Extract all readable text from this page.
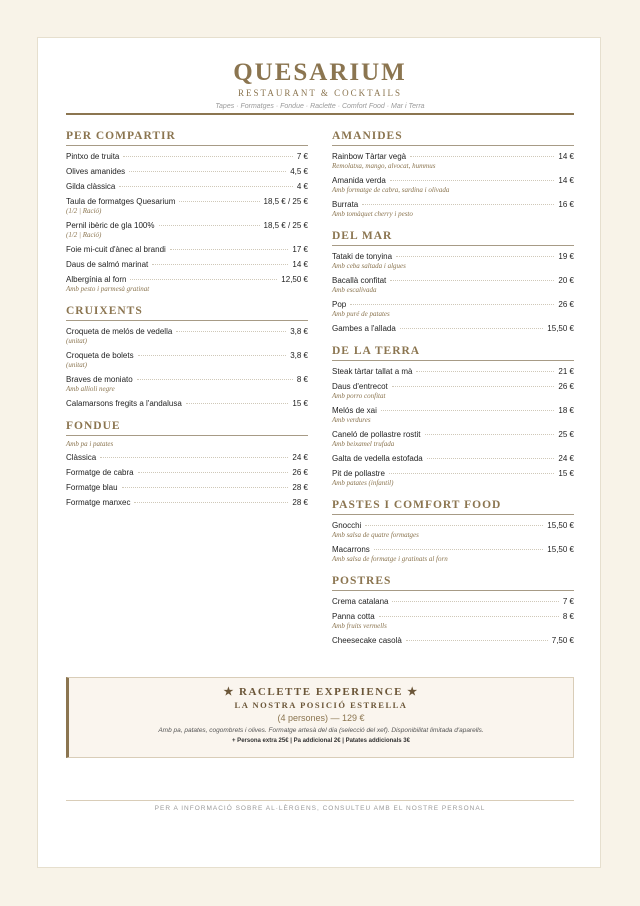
QUESARIUM
RESTAURANT & COCKTAILS
Tapes · Formatges · Fondue · Raclette · Comfort Food · Mar i Terra
PER COMPARTIR
Pintxo de truita	7 €
Olives amanides	4,5 €
Gilda clàssica	4 €
Taula de formatges Quesarium	18,5 € / 25 €
(1/2 | Ració)
Pernil ibèric de gla 100%	18,5 € / 25 €
(1/2 | Ració)
Foie mi-cuit d'ànec al brandi	17 €
Daus de salmó marinat	14 €
Albergínia al forn	12,50 €
Amb pesto i parmesà gratinat
CRUIXENTS
Croqueta de melós de vedella	3,8 €
(unitat)
Croqueta de bolets	3,8 €
(unitat)
Braves de moniato	8 €
Amb allioli negre
Calamarsons fregits a l'andalusa	15 €
FONDUE
Amb pa i patates
Clàssica	24 €
Formatge de cabra	26 €
Formatge blau	28 €
Formatge manxec	28 €
AMANIDES
Rainbow Tàrtar vegà	14 €
Remolatxa, mango, alvocat, hummus
Amanida verda	14 €
Amb formatge de cabra, sardina i olivada
Burrata	16 €
Amb tomàquet cherry i pesto
DEL MAR
Tataki de tonyina	19 €
Amb ceba saltada i algues
Bacallà confitat	20 €
Amb escalivada
Pop	26 €
Amb puré de patates
Gambes a l'allada	15,50 €
DE LA TERRA
Steak tàrtar tallat a mà	21 €
Daus d'entrecot	26 €
Amb porro confitat
Melós de xai	18 €
Amb verdures
Caneló de pollastre rostit	25 €
Amb beixamel trufada
Galta de vedella estofada	24 €
Pit de pollastre	15 €
Amb patates (infantil)
PASTES I COMFORT FOOD
Gnocchi	15,50 €
Amb salsa de quatre formatges
Macarrons	15,50 €
Amb salsa de formatge i gratinats al forn
POSTRES
Crema catalana	7 €
Panna cotta	8 €
Amb fruits vermells
Cheesecake casolà	7,50 €
★ RACLETTE EXPERIENCE ★
LA NOSTRA POSICIÓ ESTRELLA
(4 persones) — 129 €
Amb pa, patates, cogombrets i olives. Formatge artesà del dia (selecció del xef). Disponibilitat limitada d'aparells.
+ Persona extra 25€ | Pa addicional 2€ | Patates addicionals 3€
PER A INFORMACIÓ SOBRE AL·LÈRGENS, CONSULTEU AMB EL NOSTRE PERSONAL
